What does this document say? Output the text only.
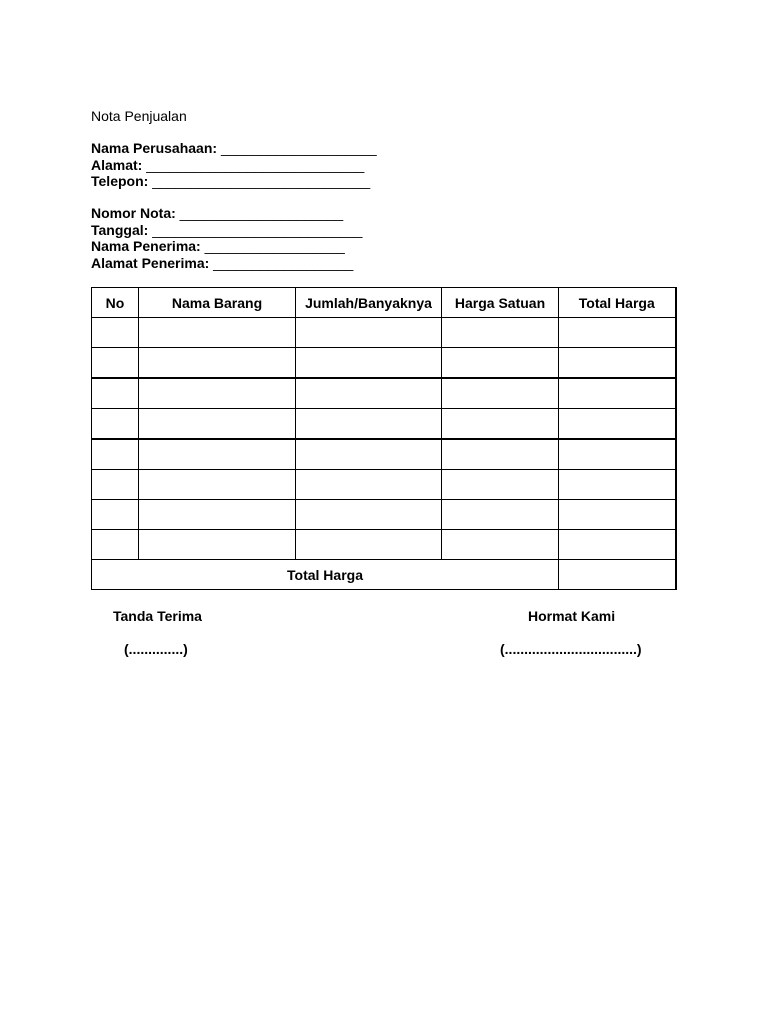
Nota Penjualan
Nama Perusahaan: ____________________
Alamat: ____________________________
Telepon: ____________________________
Nomor Nota: _____________________
Tanggal: ___________________________
Nama Penerima: __________________
Alamat Penerima: __________________
No	Nama Barang	Jumlah/Banyaknya	Harga Satuan	Total Harga

Total Harga				
Tanda Terima
(..............)
Hormat Kami
(..................................)
